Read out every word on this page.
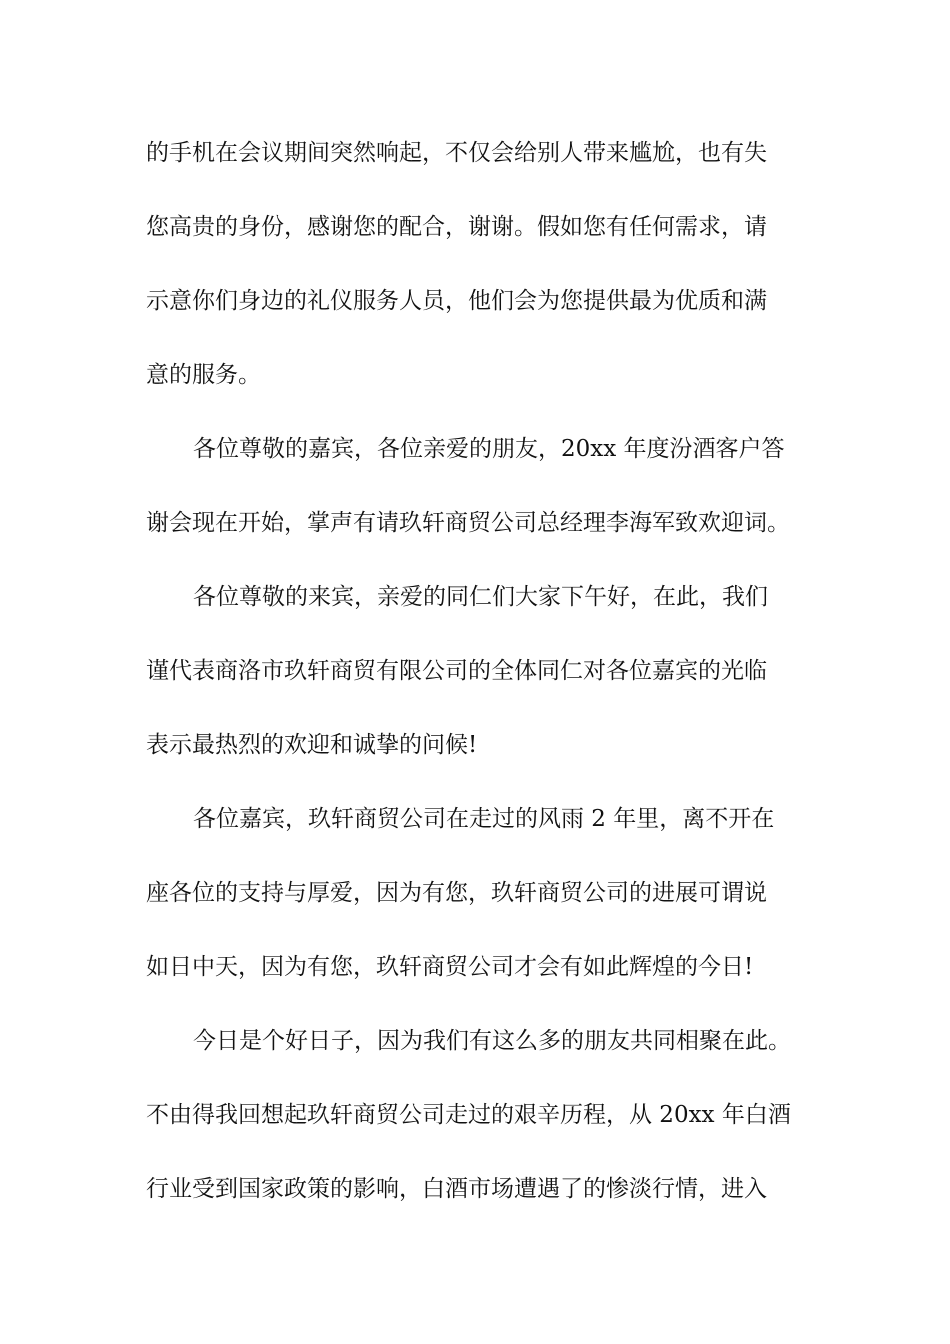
的手机在会议期间突然响起，不仅会给别人带来尴尬，也有失
您高贵的身份，感谢您的配合，谢谢。假如您有任何需求，请
示意你们身边的礼仪服务人员，他们会为您提供最为优质和满
意的服务。
各位尊敬的嘉宾，各位亲爱的朋友，20xx 年度汾酒客户答
谢会现在开始，掌声有请玖轩商贸公司总经理李海军致欢迎词。
各位尊敬的来宾，亲爱的同仁们大家下午好，在此，我们
谨代表商洛市玖轩商贸有限公司的全体同仁对各位嘉宾的光临
表示最热烈的欢迎和诚挚的问候!
各位嘉宾，玖轩商贸公司在走过的风雨 2 年里，离不开在
座各位的支持与厚爱，因为有您，玖轩商贸公司的进展可谓说
如日中天，因为有您，玖轩商贸公司才会有如此辉煌的今日!
今日是个好日子，因为我们有这么多的朋友共同相聚在此。
不由得我回想起玖轩商贸公司走过的艰辛历程，从 20xx 年白酒
行业受到国家政策的影响，白酒市场遭遇了的惨淡行情，进入
